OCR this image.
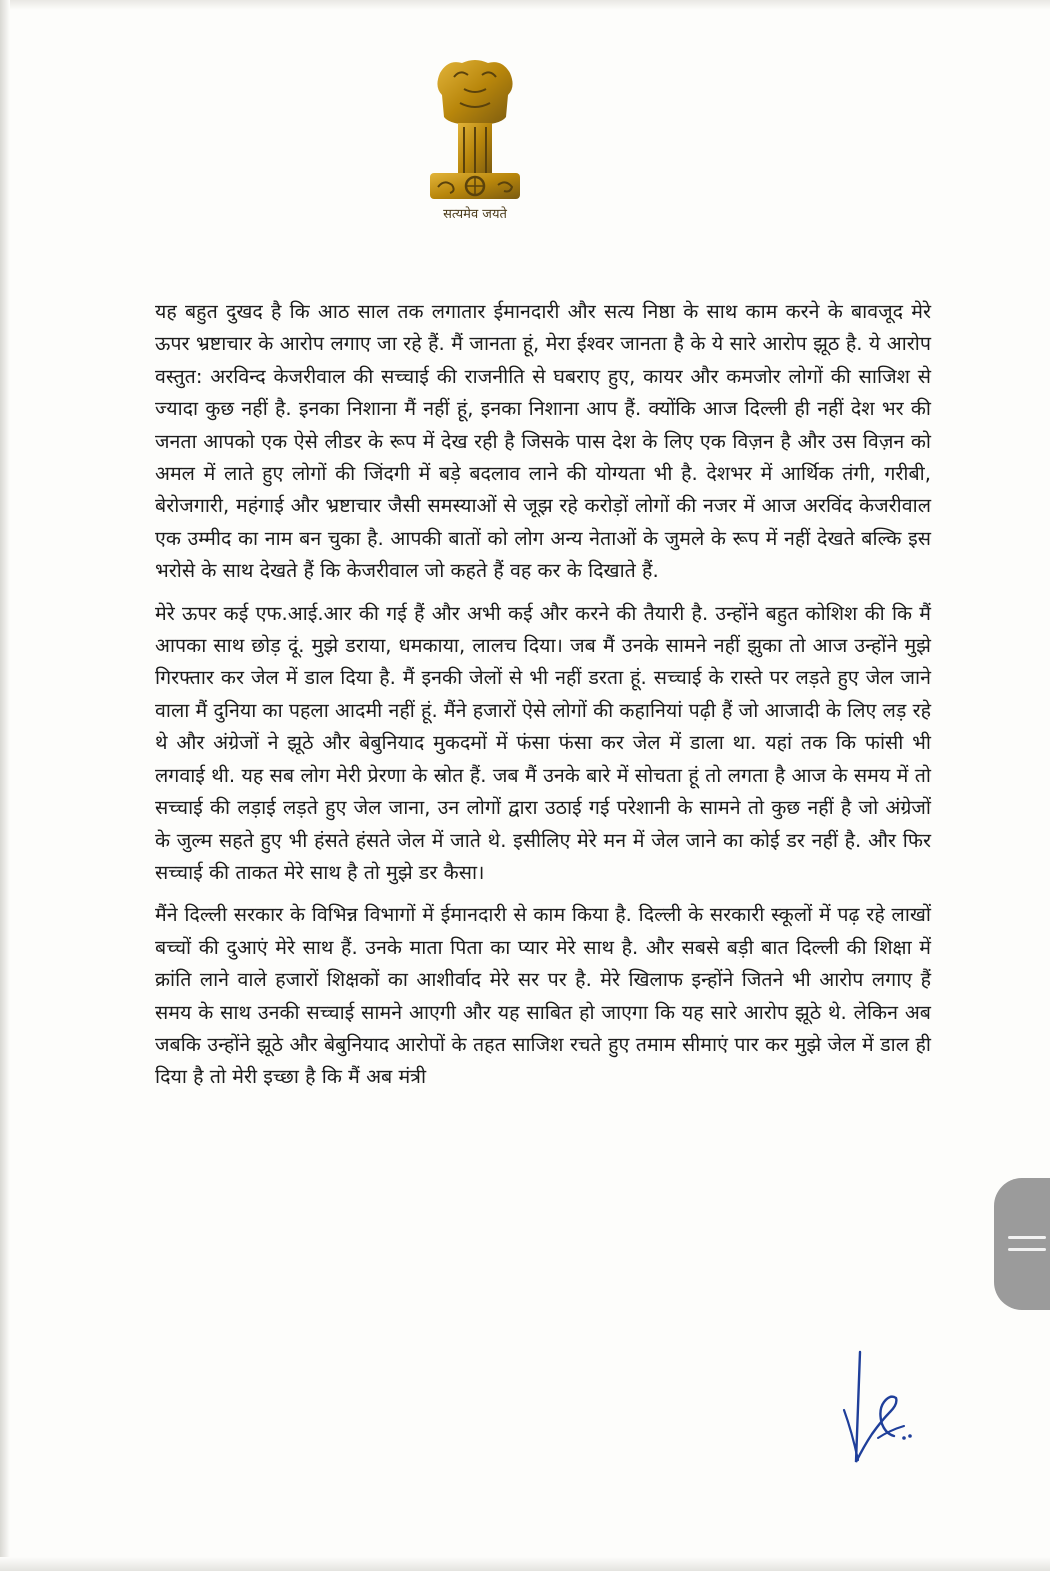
सत्यमेव जयते

यह बहुत दुखद है कि आठ साल तक लगातार ईमानदारी और सत्य निष्ठा के साथ काम करने के बावजूद मेरे ऊपर भ्रष्टाचार के आरोप लगाए जा रहे हैं. मैं जानता हूं, मेरा ईश्वर जानता है के ये सारे आरोप झूठ है. ये आरोप वस्तुत: अरविन्द केजरीवाल की सच्चाई की राजनीति से घबराए हुए, कायर और कमजोर लोगों की साजिश से ज्यादा कुछ नहीं है. इनका निशाना मैं नहीं हूं, इनका निशाना आप हैं. क्योंकि आज दिल्ली ही नहीं देश भर की जनता आपको एक ऐसे लीडर के रूप में देख रही है जिसके पास देश के लिए एक विज़न है और उस विज़न को अमल में लाते हुए लोगों की जिंदगी में बड़े बदलाव लाने की योग्यता भी है. देशभर में आर्थिक तंगी, गरीबी, बेरोजगारी, महंगाई और भ्रष्टाचार जैसी समस्याओं से जूझ रहे करोड़ों लोगों की नजर में आज अरविंद केजरीवाल एक उम्मीद का नाम बन चुका है. आपकी बातों को लोग अन्य नेताओं के जुमले के रूप में नहीं देखते बल्कि इस भरोसे के साथ देखते हैं कि केजरीवाल जो कहते हैं वह कर के दिखाते हैं.

मेरे ऊपर कई एफ.आई.आर की गई हैं और अभी कई और करने की तैयारी है. उन्होंने बहुत कोशिश की कि मैं आपका साथ छोड़ दूं. मुझे डराया, धमकाया, लालच दिया। जब मैं उनके सामने नहीं झुका तो आज उन्होंने मुझे गिरफ्तार कर जेल में डाल दिया है. मैं इनकी जेलों से भी नहीं डरता हूं. सच्चाई के रास्ते पर लड़ते हुए जेल जाने वाला मैं दुनिया का पहला आदमी नहीं हूं. मैंने हजारों ऐसे लोगों की कहानियां पढ़ी हैं जो आजादी के लिए लड़ रहे थे और अंग्रेजों ने झूठे और बेबुनियाद मुकदमों में फंसा फंसा कर जेल में डाला था. यहां तक कि फांसी भी लगवाई थी. यह सब लोग मेरी प्रेरणा के स्रोत हैं. जब मैं उनके बारे में सोचता हूं तो लगता है आज के समय में तो सच्चाई की लड़ाई लड़ते हुए जेल जाना, उन लोगों द्वारा उठाई गई परेशानी के सामने तो कुछ नहीं है जो अंग्रेजों के जुल्म सहते हुए भी हंसते हंसते जेल में जाते थे. इसीलिए मेरे मन में जेल जाने का कोई डर नहीं है. और फिर सच्चाई की ताकत मेरे साथ है तो मुझे डर कैसा।

मैंने दिल्ली सरकार के विभिन्न विभागों में ईमानदारी से काम किया है. दिल्ली के सरकारी स्कूलों में पढ़ रहे लाखों बच्चों की दुआएं मेरे साथ हैं. उनके माता पिता का प्यार मेरे साथ है. और सबसे बड़ी बात दिल्ली की शिक्षा में क्रांति लाने वाले हजारों शिक्षकों का आशीर्वाद मेरे सर पर है. मेरे खिलाफ इन्होंने जितने भी आरोप लगाए हैं समय के साथ उनकी सच्चाई सामने आएगी और यह साबित हो जाएगा कि यह सारे आरोप झूठे थे. लेकिन अब जबकि उन्होंने झूठे और बेबुनियाद आरोपों के तहत साजिश रचते हुए तमाम सीमाएं पार कर मुझे जेल में डाल ही दिया है तो मेरी इच्छा है कि मैं अब मंत्री
